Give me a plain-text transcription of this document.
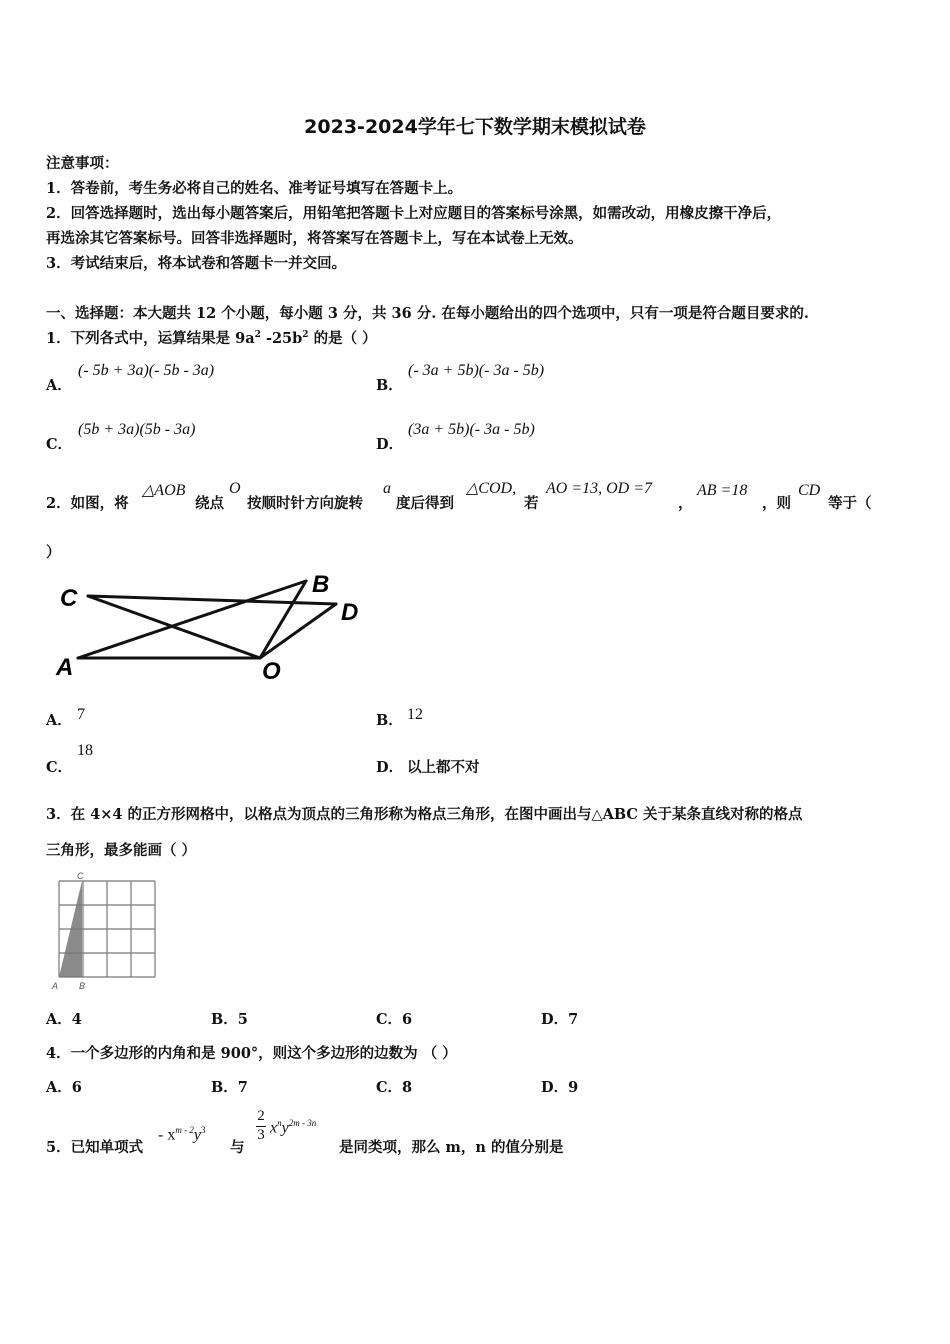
2023-2024学年七下数学期末模拟试卷
注意事项：
1．答卷前，考生务必将自己的姓名、准考证号填写在答题卡上。
2．回答选择题时，选出每小题答案后，用铅笔把答题卡上对应题目的答案标号涂黑，如需改动，用橡皮擦干净后，
再选涂其它答案标号。回答非选择题时，将答案写在答题卡上，写在本试卷上无效。
3．考试结束后，将本试卷和答题卡一并交回。
一、选择题：本大题共 12 个小题，每小题 3 分，共 36 分. 在每小题给出的四个选项中，只有一项是符合题目要求的.
1．下列各式中，运算结果是 $9a^2$ $-25b^2$ 的是（ ）
A．
(- 5b + 3a)(- 5b - 3a)
B．
(- 3a + 5b)(- 3a - 5b)
C．
(5b + 3a)(5b - 3a)
D．
(3a + 5b)(- 3a - 5b)
2．如图，将
△AOB
绕点
O
按顺时针方向旋转
a
度后得到
△COD,
若
AO =13, OD =7
，
AB =18
，则
CD
等于（
）
C
B
D
A	O
A． 7	B． 12
C．
18
D． 以上都不对
3．在 4×4 的正方形网格中，以格点为顶点的三角形称为格点三角形，在图中画出与△ABC 关于某条直线对称的格点
三角形，最多能画（ ）
C
A B
A．4	B．5	C．6	D．7
4．一个多边形的内角和是 900°，则这个多边形的边数为 （ ）
A．6	B．7	C．8	D．9
5．已知单项式
- $x^{m - 2}y^3$
与
$\frac{2}{3} x^ny^{2m - 3n}$
是同类项，那么 m，n 的值分别是
